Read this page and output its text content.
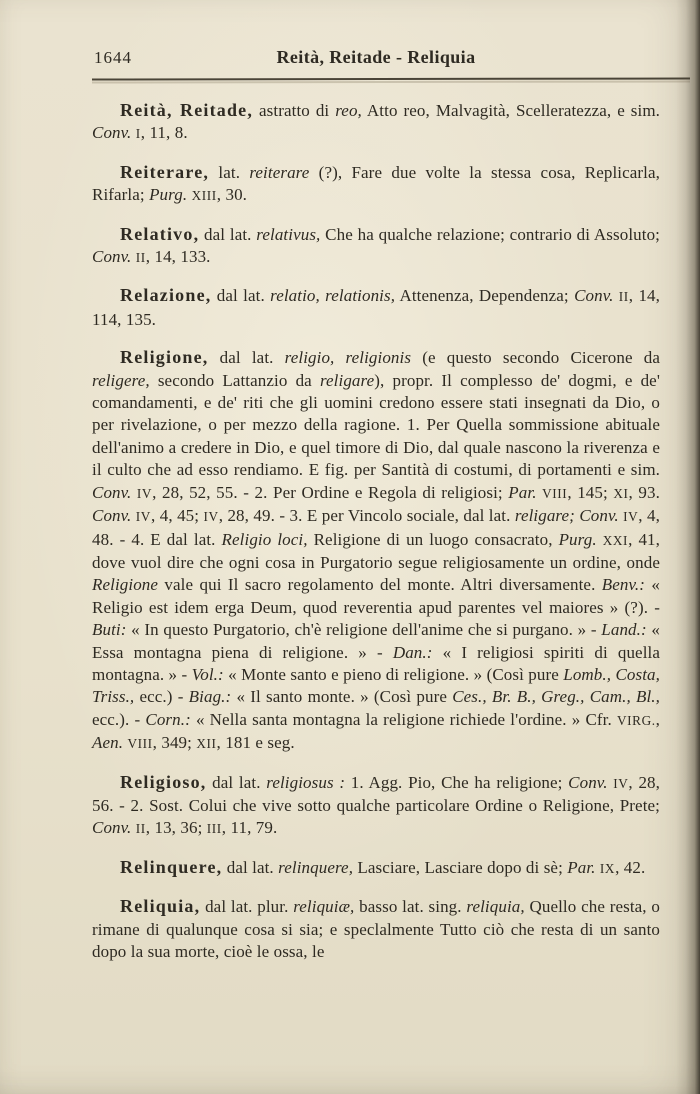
1644	Reità, Reitade - Reliquia

Reità, Reitade, astratto di reo, Atto reo, Malvagità, Scelleratezza, e sim. Conv. I, 11, 8.

Reiterare, lat. reiterare (?), Fare due volte la stessa cosa, Replicarla, Rifarla; Purg. XIII, 30.

Relativo, dal lat. relativus, Che ha qualche relazione; contrario di Assoluto; Conv. II, 14, 133.

Relazione, dal lat. relatio, relationis, Attenenza, Dependenza; Conv. II, 14, 114, 135.

Religione, dal lat. religio, religionis (e questo secondo Cicerone da religere, secondo Lattanzio da religare), propr. Il complesso de' dogmi, e de' comandamenti, e de' riti che gli uomini credono essere stati insegnati da Dio, o per rivelazione, o per mezzo della ragione. 1. Per Quella sommissione abituale dell'animo a credere in Dio, e quel timore di Dio, dal quale nascono la riverenza e il culto che ad esso rendiamo. E fig. per Santità di costumi, di portamenti e sim. Conv. IV, 28, 52, 55. - 2. Per Ordine e Regola di religiosi; Par. VIII, 145; XI, 93. Conv. IV, 4, 45; IV, 28, 49. - 3. E per Vincolo sociale, dal lat. religare; Conv. IV, 4, 48. - 4. E dal lat. Religio loci, Religione di un luogo consacrato, Purg. XXI, 41, dove vuol dire che ogni cosa in Purgatorio segue religiosamente un ordine, onde Religione vale qui Il sacro regolamento del monte. Altri diversamente. Benv.: « Religio est idem erga Deum, quod reverentia apud parentes vel maiores » (?). - Buti: « In questo Purgatorio, ch'è religione dell'anime che si purgano. » - Land.: « Essa montagna piena di religione. » - Dan.: « I religiosi spiriti di quella montagna. » - Vol.: « Monte santo e pieno di religione. » (Così pure Lomb., Costa, Triss., ecc.) - Biag.: « Il santo monte. » (Così pure Ces., Br. B., Greg., Cam., Bl., ecc.). - Corn.: « Nella santa montagna la religione richiede l'ordine. » Cfr. VIRG., Aen. VIII, 349; XII, 181 e seg.

Religioso, dal lat. religiosus : 1. Agg. Pio, Che ha religione; Conv. IV, 28, 56. - 2. Sost. Colui che vive sotto qualche particolare Ordine o Religione, Prete; Conv. II, 13, 36; III, 11, 79.

Relinquere, dal lat. relinquere, Lasciare, Lasciare dopo di sè; Par. IX, 42.

Reliquia, dal lat. plur. reliquiæ, basso lat. sing. reliquia, Quello che resta, o rimane di qualunque cosa si sia; e speclalmente Tutto ciò che resta di un santo dopo la sua morte, cioè le ossa, le
